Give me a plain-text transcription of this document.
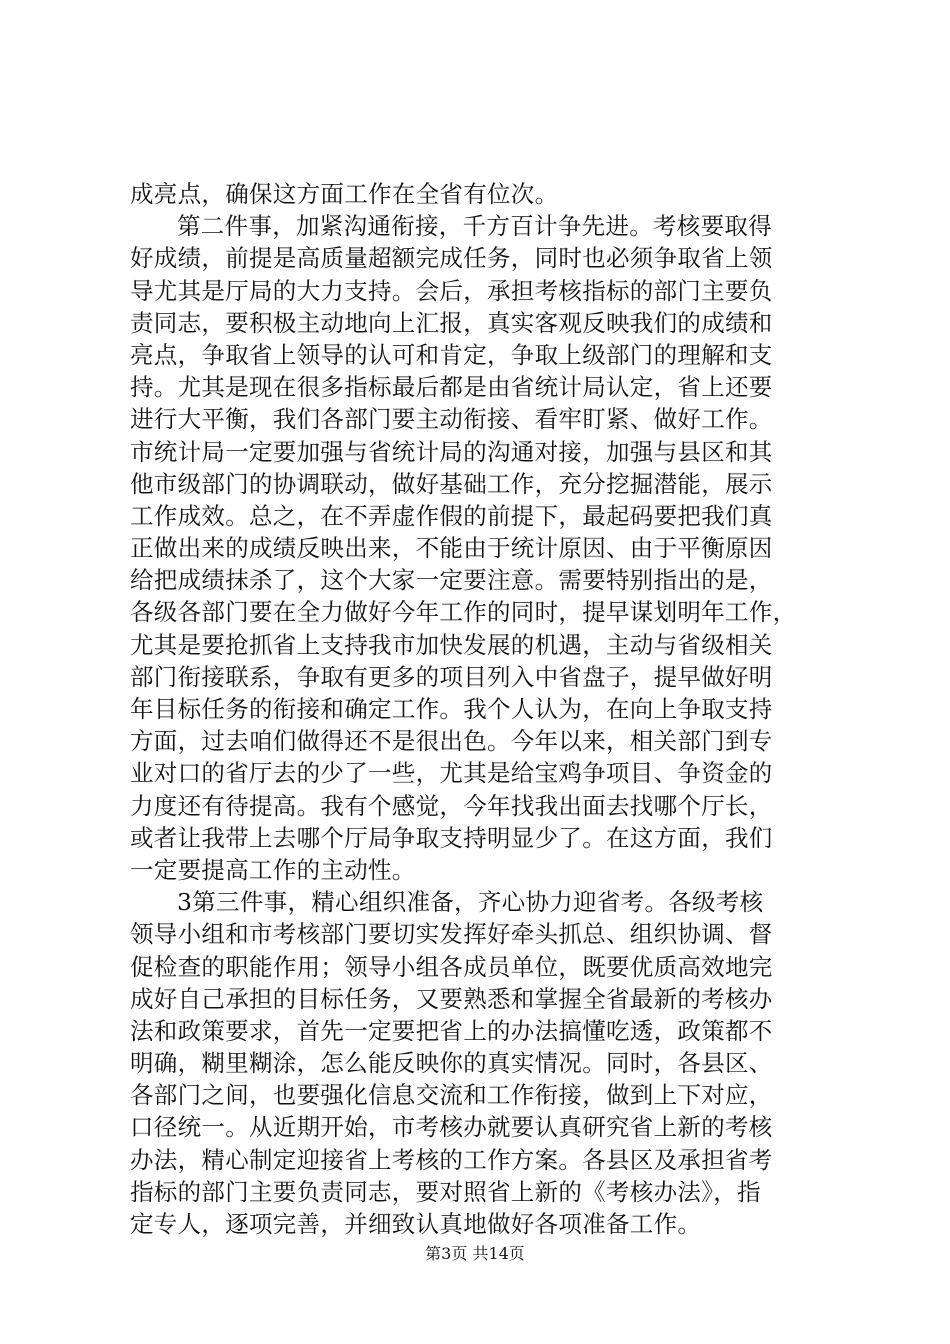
成亮点，确保这方面工作在全省有位次。
第二件事，加紧沟通衔接，千方百计争先进。考核要取得
好成绩，前提是高质量超额完成任务，同时也必须争取省上领
导尤其是厅局的大力支持。会后，承担考核指标的部门主要负
责同志，要积极主动地向上汇报，真实客观反映我们的成绩和
亮点，争取省上领导的认可和肯定，争取上级部门的理解和支
持。尤其是现在很多指标最后都是由省统计局认定，省上还要
进行大平衡，我们各部门要主动衔接、看牢盯紧、做好工作。
市统计局一定要加强与省统计局的沟通对接，加强与县区和其
他市级部门的协调联动，做好基础工作，充分挖掘潜能，展示
工作成效。总之，在不弄虚作假的前提下，最起码要把我们真
正做出来的成绩反映出来，不能由于统计原因、由于平衡原因
给把成绩抹杀了，这个大家一定要注意。需要特别指出的是，
各级各部门要在全力做好今年工作的同时，提早谋划明年工作，
尤其是要抢抓省上支持我市加快发展的机遇，主动与省级相关
部门衔接联系，争取有更多的项目列入中省盘子，提早做好明
年目标任务的衔接和确定工作。我个人认为，在向上争取支持
方面，过去咱们做得还不是很出色。今年以来，相关部门到专
业对口的省厅去的少了一些，尤其是给宝鸡争项目、争资金的
力度还有待提高。我有个感觉，今年找我出面去找哪个厅长，
或者让我带上去哪个厅局争取支持明显少了。在这方面，我们
一定要提高工作的主动性。
3第三件事，精心组织准备，齐心协力迎省考。各级考核
领导小组和市考核部门要切实发挥好牵头抓总、组织协调、督
促检查的职能作用；领导小组各成员单位，既要优质高效地完
成好自己承担的目标任务，又要熟悉和掌握全省最新的考核办
法和政策要求，首先一定要把省上的办法搞懂吃透，政策都不
明确，糊里糊涂，怎么能反映你的真实情况。同时，各县区、
各部门之间，也要强化信息交流和工作衔接，做到上下对应，
口径统一。从近期开始，市考核办就要认真研究省上新的考核
办法，精心制定迎接省上考核的工作方案。各县区及承担省考
指标的部门主要负责同志，要对照省上新的《考核办法》，指
定专人，逐项完善，并细致认真地做好各项准备工作。
第3页 共14页
